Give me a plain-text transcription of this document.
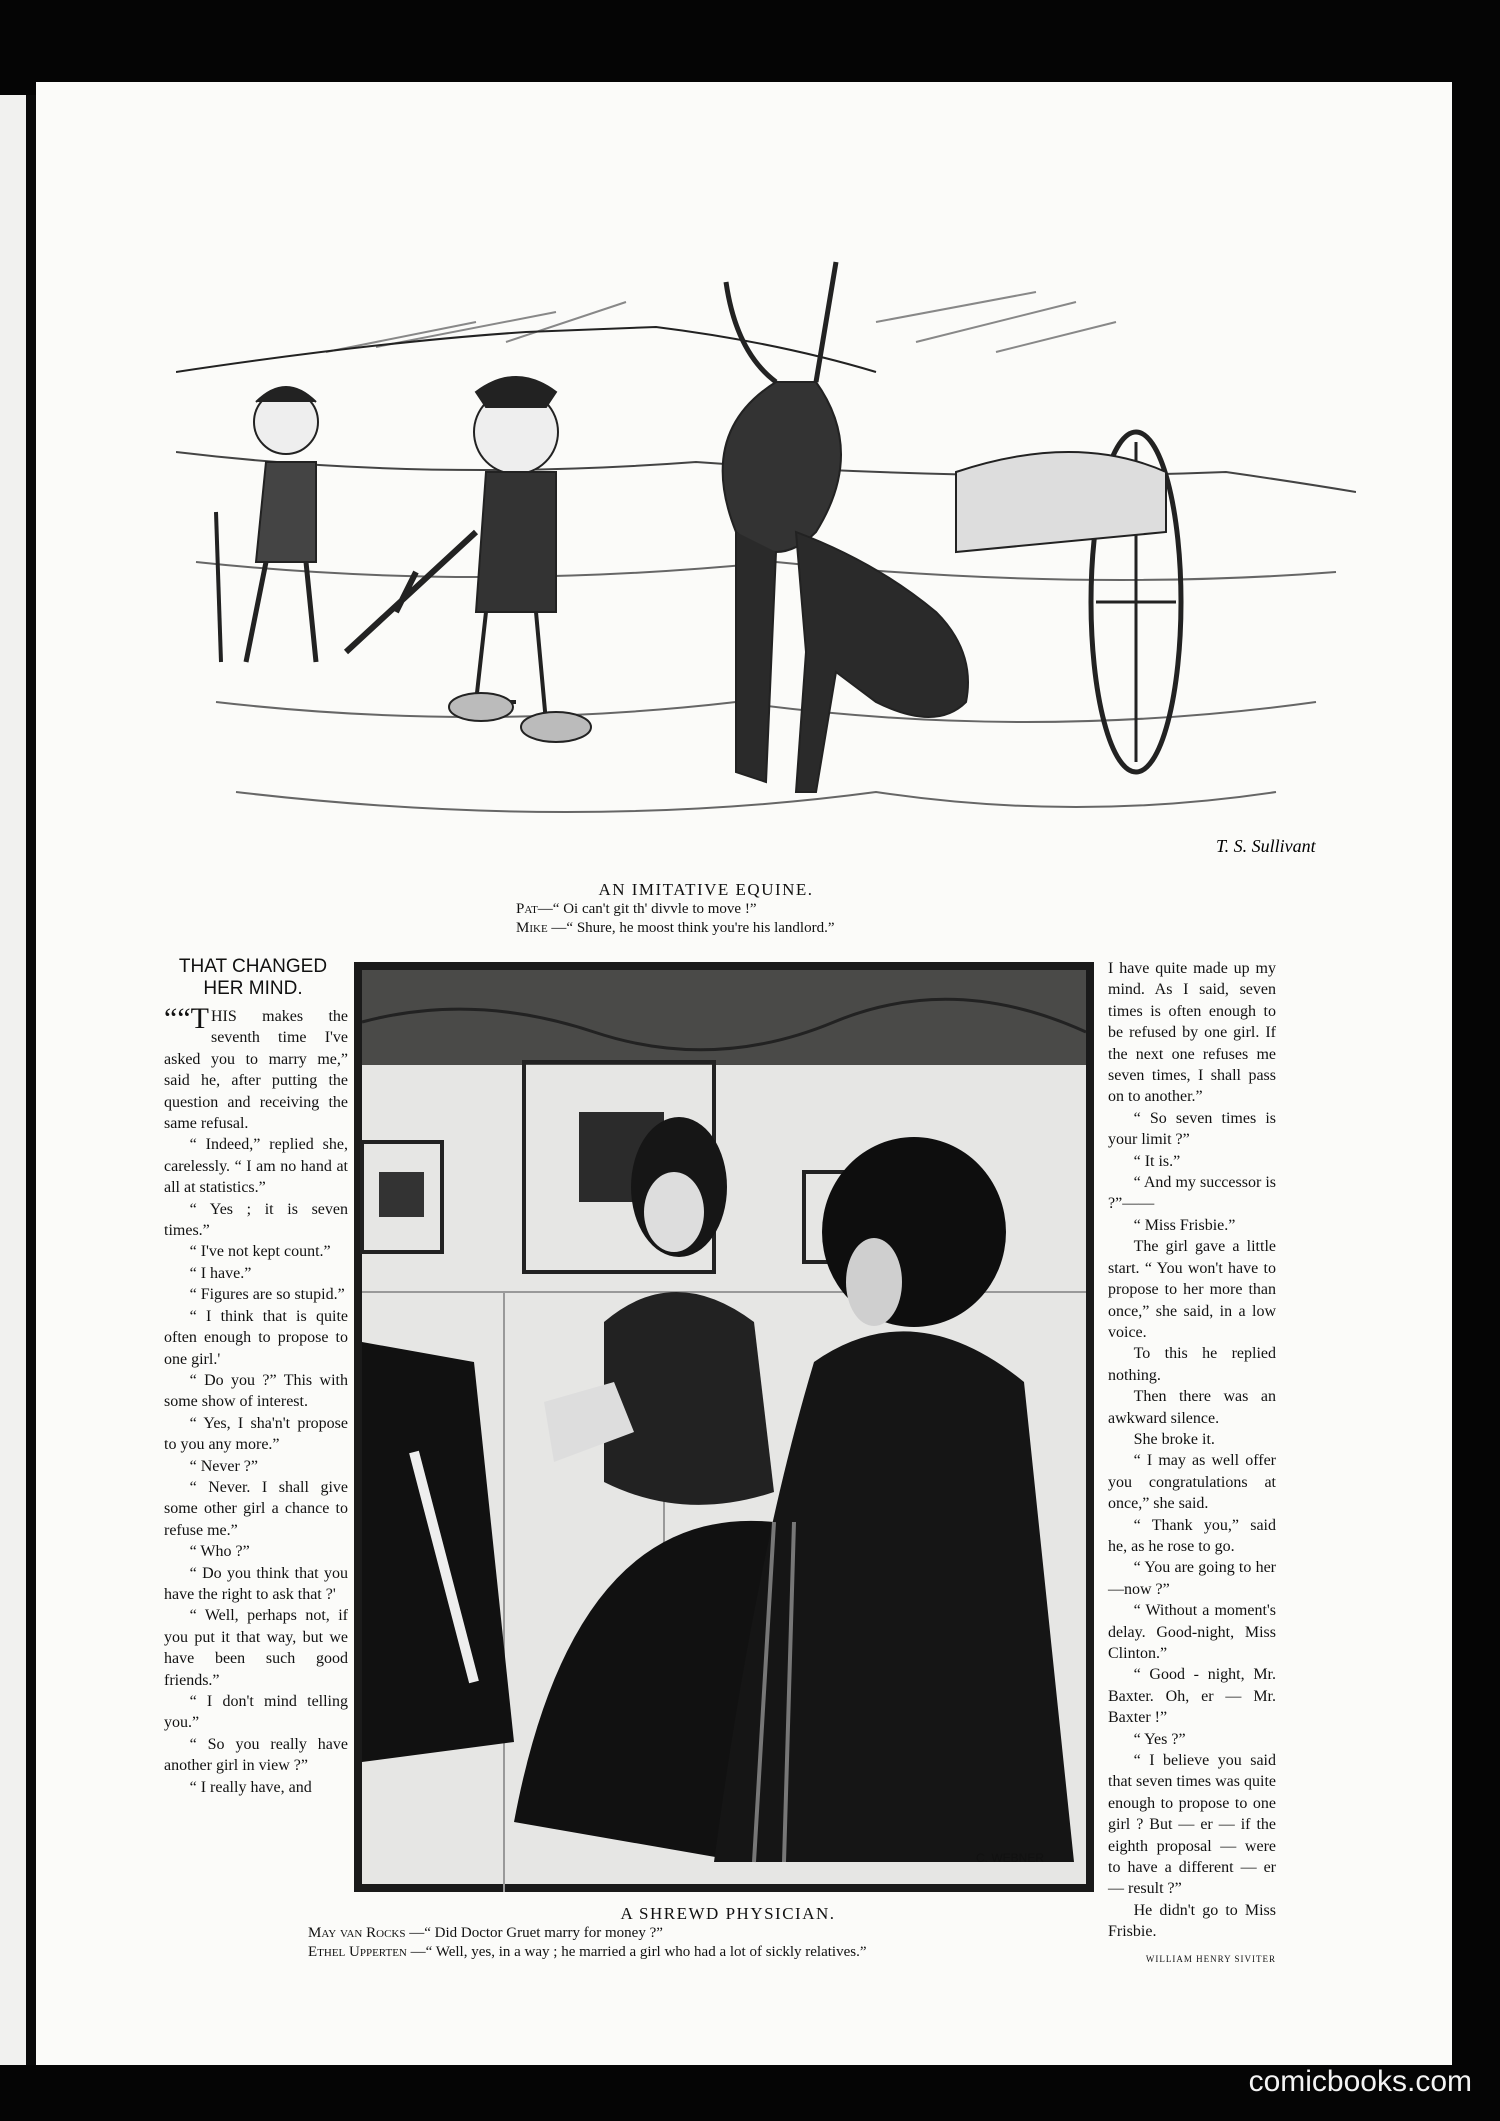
T. S. Sullivant
AN IMITATIVE EQUINE.
Pat—“ Oi can't git th' divvle to move !”
Mike —“ Shure, he moost think you're his landlord.”
THAT CHANGED
HER MIND.

““T HIS makes the seventh time I've asked you to marry me,” said he, after putting the question and receiving the same refusal.

“ Indeed,” replied she, carelessly. “ I am no hand at all at statistics.”

“ Yes ; it is seven times.”

“ I've not kept count.”

“ I have.”

“ Figures are so stupid.”

“ I think that is quite often enough to propose to one girl.'

“ Do you ?” This with some show of interest.

“ Yes, I sha'n't propose to you any more.”

“ Never ?”

“ Never. I shall give some other girl a chance to refuse me.”

“ Who ?”

“ Do you think that you have the right to ask that ?'

“ Well, perhaps not, if you put it that way, but we have been such good friends.”

“ I don't mind telling you.”

“ So you really have another girl in view ?”

“ I really have, and

C. WEBNER
A SHREWD PHYSICIAN.
May van Rocks —“ Did Doctor Gruet marry for money ?”
Ethel Upperten —“ Well, yes, in a way ; he married a girl who had a lot of sickly relatives.”

I have quite made up my mind. As I said, seven times is often enough to be refused by one girl. If the next one refuses me seven times, I shall pass on to another.”

“ So seven times is your limit ?”

“ It is.”

“ And my successor is ?”——

“ Miss Frisbie.”

The girl gave a little start. “ You won't have to propose to her more than once,” she said, in a low voice.

To this he replied nothing.

Then there was an awkward silence.

She broke it.

“ I may as well offer you congratulations at once,” she said.

“ Thank you,” said he, as he rose to go.

“ You are going to her—now ?”

“ Without a moment's delay. Good-night, Miss Clinton.”

“ Good - night, Mr. Baxter. Oh, er — Mr. Baxter !”

“ Yes ?”

“ I believe you said that seven times was quite enough to propose to one girl ? But — er — if the eighth proposal — were to have a different — er— result ?”

He didn't go to Miss Frisbie.

WILLIAM HENRY SIVITER

comicbooks.com
